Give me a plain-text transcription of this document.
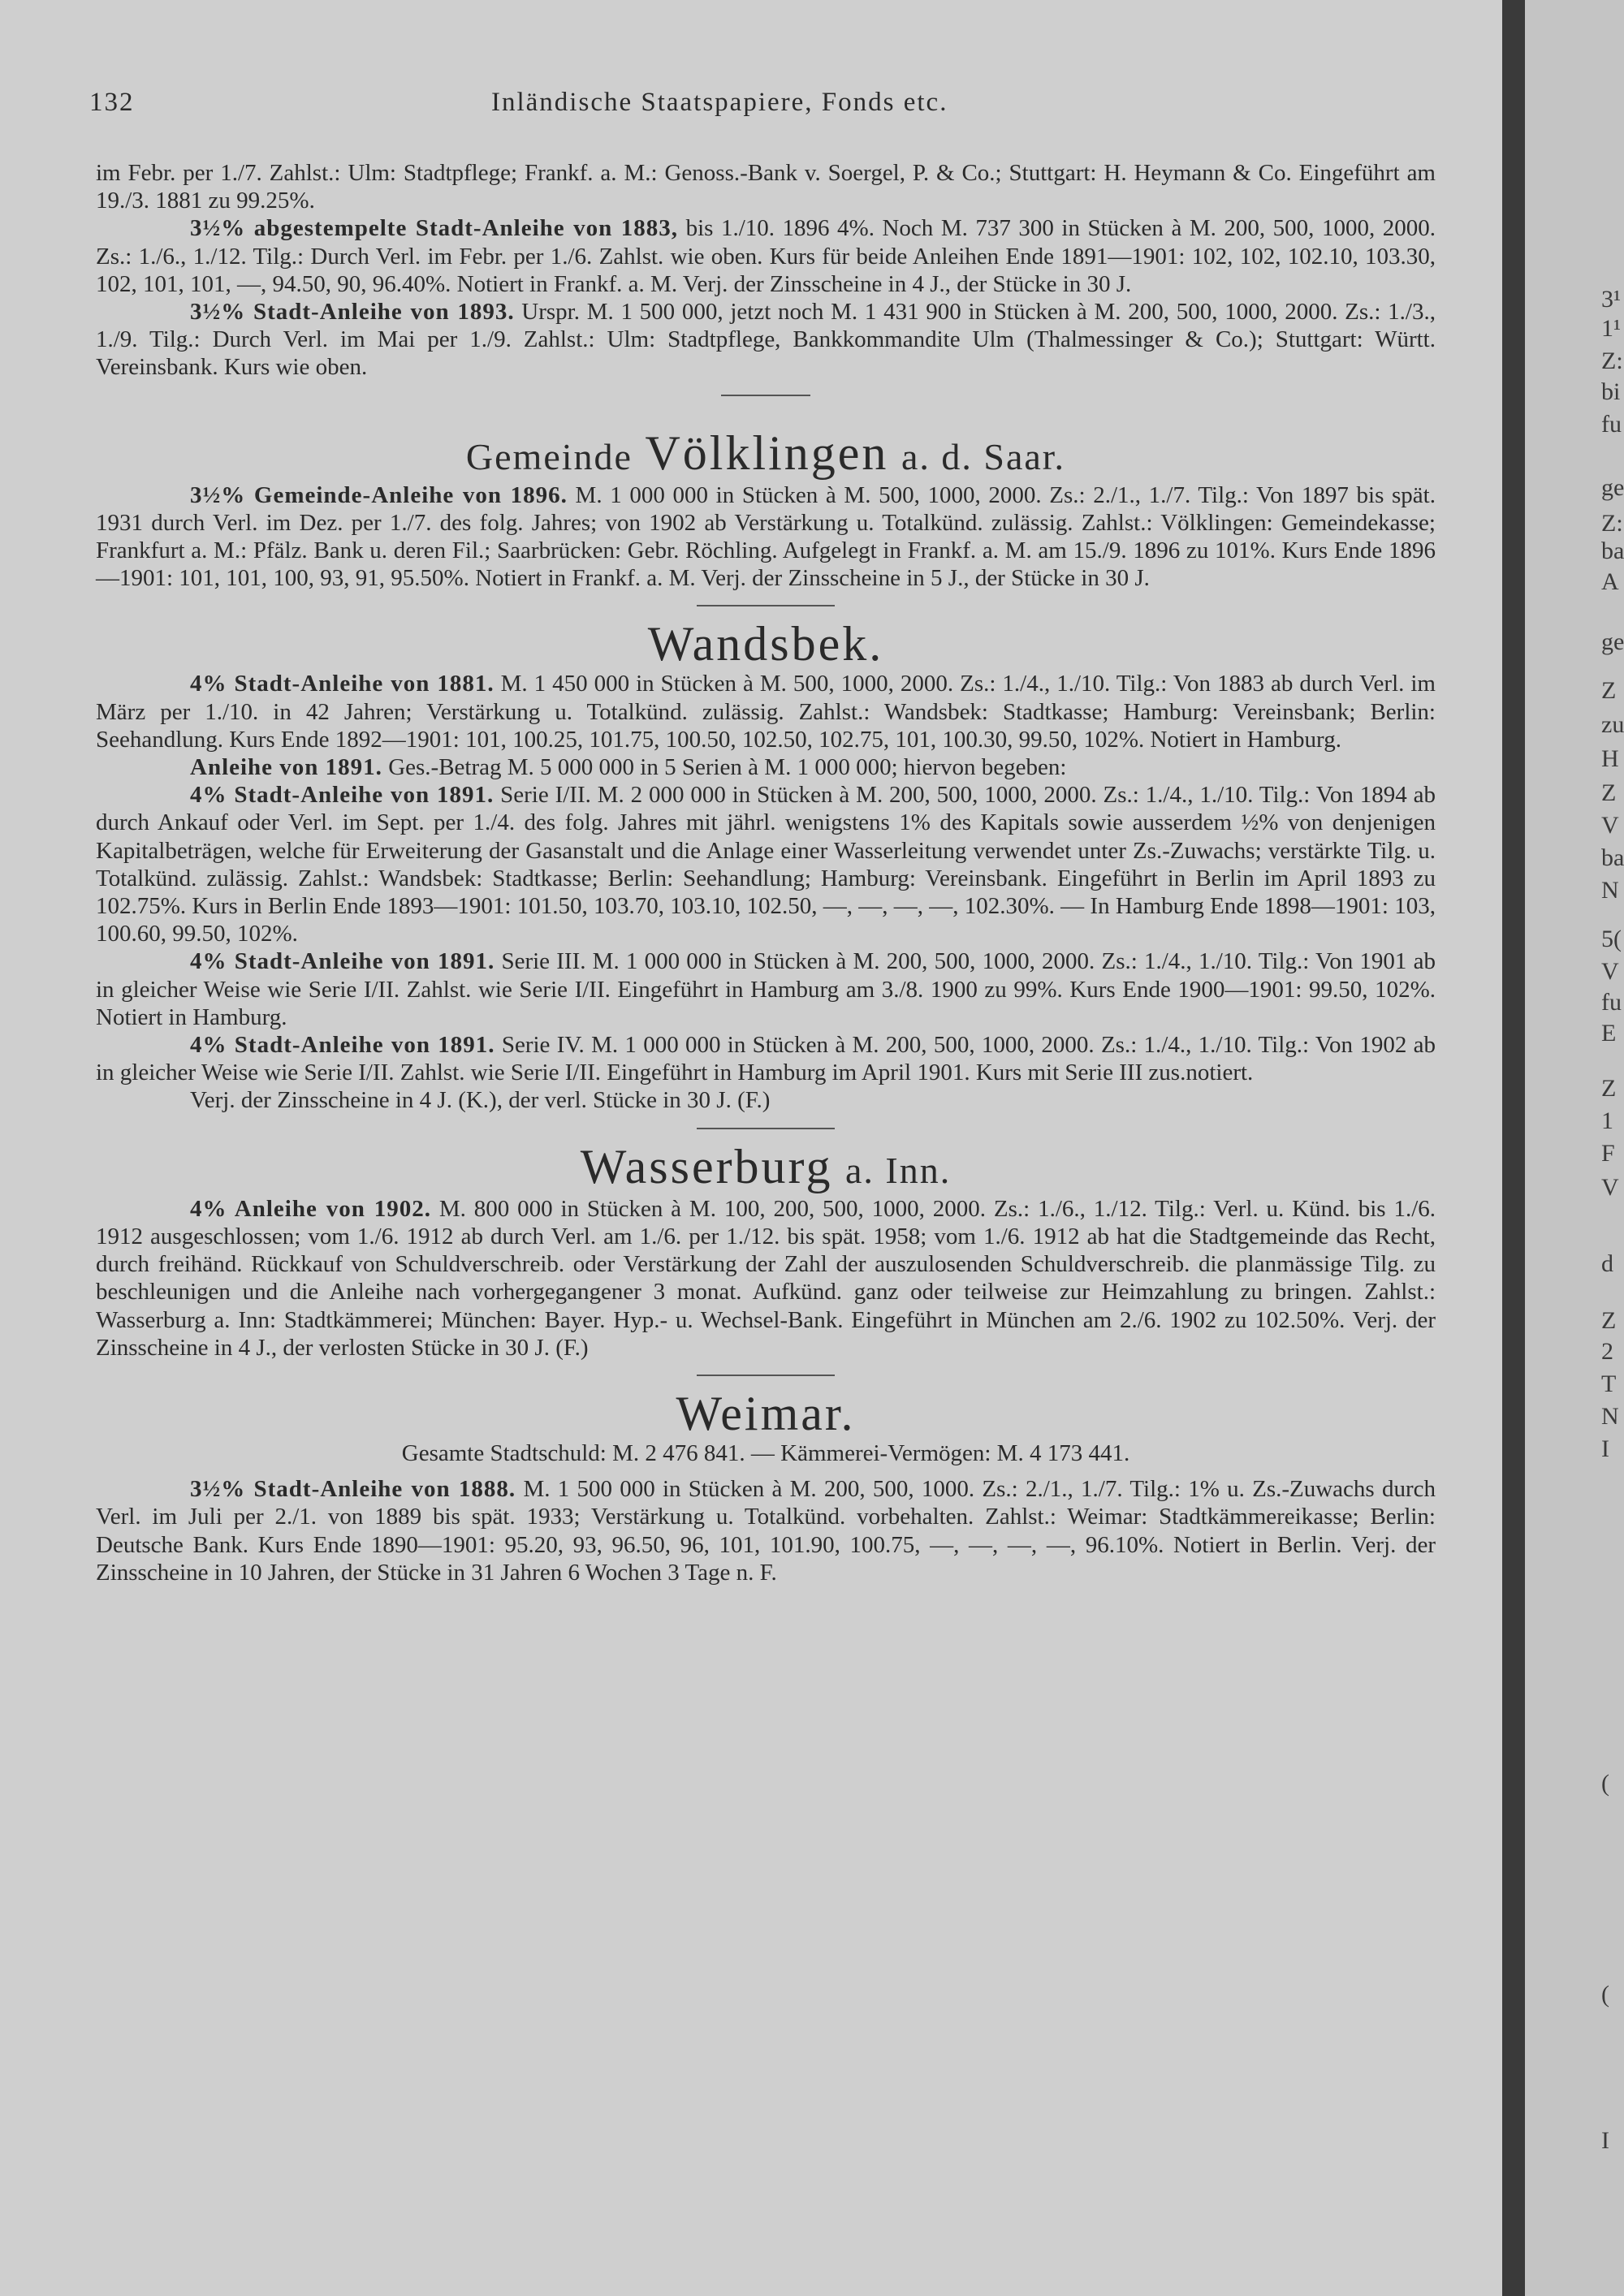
132	Inländische Staatspapiere, Fonds etc.

im Febr. per 1./7. Zahlst.: Ulm: Stadtpflege; Frankf. a. M.: Genoss.-Bank v. Soergel, P. & Co.; Stuttgart: H. Heymann & Co. Eingeführt am 19./3. 1881 zu 99.25%.

3½% abgestempelte Stadt-Anleihe von 1883, bis 1./10. 1896 4%. Noch M. 737 300 in Stücken à M. 200, 500, 1000, 2000. Zs.: 1./6., 1./12. Tilg.: Durch Verl. im Febr. per 1./6. Zahlst. wie oben. Kurs für beide Anleihen Ende 1891—1901: 102, 102, 102.10, 103.30, 102, 101, 101, —, 94.50, 90, 96.40%. Notiert in Frankf. a. M. Verj. der Zinsscheine in 4 J., der Stücke in 30 J.

3½% Stadt-Anleihe von 1893. Urspr. M. 1 500 000, jetzt noch M. 1 431 900 in Stücken à M. 200, 500, 1000, 2000. Zs.: 1./3., 1./9. Tilg.: Durch Verl. im Mai per 1./9. Zahlst.: Ulm: Stadtpflege, Bankkommandite Ulm (Thalmessinger & Co.); Stuttgart: Württ. Vereinsbank. Kurs wie oben.

Gemeinde Völklingen a. d. Saar.

3½% Gemeinde-Anleihe von 1896. M. 1 000 000 in Stücken à M. 500, 1000, 2000. Zs.: 2./1., 1./7. Tilg.: Von 1897 bis spät. 1931 durch Verl. im Dez. per 1./7. des folg. Jahres; von 1902 ab Verstärkung u. Totalkünd. zulässig. Zahlst.: Völklingen: Gemeindekasse; Frankfurt a. M.: Pfälz. Bank u. deren Fil.; Saarbrücken: Gebr. Röchling. Aufgelegt in Frankf. a. M. am 15./9. 1896 zu 101%. Kurs Ende 1896—1901: 101, 101, 100, 93, 91, 95.50%. Notiert in Frankf. a. M. Verj. der Zinsscheine in 5 J., der Stücke in 30 J.

Wandsbek.

4% Stadt-Anleihe von 1881. M. 1 450 000 in Stücken à M. 500, 1000, 2000. Zs.: 1./4., 1./10. Tilg.: Von 1883 ab durch Verl. im März per 1./10. in 42 Jahren; Verstärkung u. Totalkünd. zulässig. Zahlst.: Wandsbek: Stadtkasse; Hamburg: Vereinsbank; Berlin: Seehandlung. Kurs Ende 1892—1901: 101, 100.25, 101.75, 100.50, 102.50, 102.75, 101, 100.30, 99.50, 102%. Notiert in Hamburg.

Anleihe von 1891. Ges.-Betrag M. 5 000 000 in 5 Serien à M. 1 000 000; hiervon begeben:

4% Stadt-Anleihe von 1891. Serie I/II. M. 2 000 000 in Stücken à M. 200, 500, 1000, 2000. Zs.: 1./4., 1./10. Tilg.: Von 1894 ab durch Ankauf oder Verl. im Sept. per 1./4. des folg. Jahres mit jährl. wenigstens 1% des Kapitals sowie ausserdem ½% von denjenigen Kapitalbeträgen, welche für Erweiterung der Gasanstalt und die Anlage einer Wasserleitung verwendet unter Zs.-Zuwachs; verstärkte Tilg. u. Totalkünd. zulässig. Zahlst.: Wandsbek: Stadtkasse; Berlin: Seehandlung; Hamburg: Vereinsbank. Eingeführt in Berlin im April 1893 zu 102.75%. Kurs in Berlin Ende 1893—1901: 101.50, 103.70, 103.10, 102.50, —, —, —, —, 102.30%. — In Hamburg Ende 1898—1901: 103, 100.60, 99.50, 102%.

4% Stadt-Anleihe von 1891. Serie III. M. 1 000 000 in Stücken à M. 200, 500, 1000, 2000. Zs.: 1./4., 1./10. Tilg.: Von 1901 ab in gleicher Weise wie Serie I/II. Zahlst. wie Serie I/II. Eingeführt in Hamburg am 3./8. 1900 zu 99%. Kurs Ende 1900—1901: 99.50, 102%. Notiert in Hamburg.

4% Stadt-Anleihe von 1891. Serie IV. M. 1 000 000 in Stücken à M. 200, 500, 1000, 2000. Zs.: 1./4., 1./10. Tilg.: Von 1902 ab in gleicher Weise wie Serie I/II. Zahlst. wie Serie I/II. Eingeführt in Hamburg im April 1901. Kurs mit Serie III zus.notiert.

Verj. der Zinsscheine in 4 J. (K.), der verl. Stücke in 30 J. (F.)

Wasserburg a. Inn.

4% Anleihe von 1902. M. 800 000 in Stücken à M. 100, 200, 500, 1000, 2000. Zs.: 1./6., 1./12. Tilg.: Verl. u. Künd. bis 1./6. 1912 ausgeschlossen; vom 1./6. 1912 ab durch Verl. am 1./6. per 1./12. bis spät. 1958; vom 1./6. 1912 ab hat die Stadtgemeinde das Recht, durch freihänd. Rückkauf von Schuldverschreib. oder Verstärkung der Zahl der auszulosenden Schuldverschreib. die planmässige Tilg. zu beschleunigen und die Anleihe nach vorhergegangener 3 monat. Aufkünd. ganz oder teilweise zur Heimzahlung zu bringen. Zahlst.: Wasserburg a. Inn: Stadtkämmerei; München: Bayer. Hyp.- u. Wechsel-Bank. Eingeführt in München am 2./6. 1902 zu 102.50%. Verj. der Zinsscheine in 4 J., der verlosten Stücke in 30 J. (F.)

Weimar.

Gesamte Stadtschuld: M. 2 476 841. — Kämmerei-Vermögen: M. 4 173 441.

3½% Stadt-Anleihe von 1888. M. 1 500 000 in Stücken à M. 200, 500, 1000. Zs.: 2./1., 1./7. Tilg.: 1% u. Zs.-Zuwachs durch Verl. im Juli per 2./1. von 1889 bis spät. 1933; Verstärkung u. Totalkünd. vorbehalten. Zahlst.: Weimar: Stadtkämmereikasse; Berlin: Deutsche Bank. Kurs Ende 1890—1901: 95.20, 93, 96.50, 96, 101, 101.90, 100.75, —, —, —, —, 96.10%. Notiert in Berlin. Verj. der Zinsscheine in 10 Jahren, der Stücke in 31 Jahren 6 Wochen 3 Tage n. F.

3¹
1¹
Z:
bi
fu
ge
Z:
ba
A
ge
Z
zu
H
Z
V
ba
N
5(
V
fu
E
Z
1
F
V
d
Z
2
T
N
I
(
(
I
